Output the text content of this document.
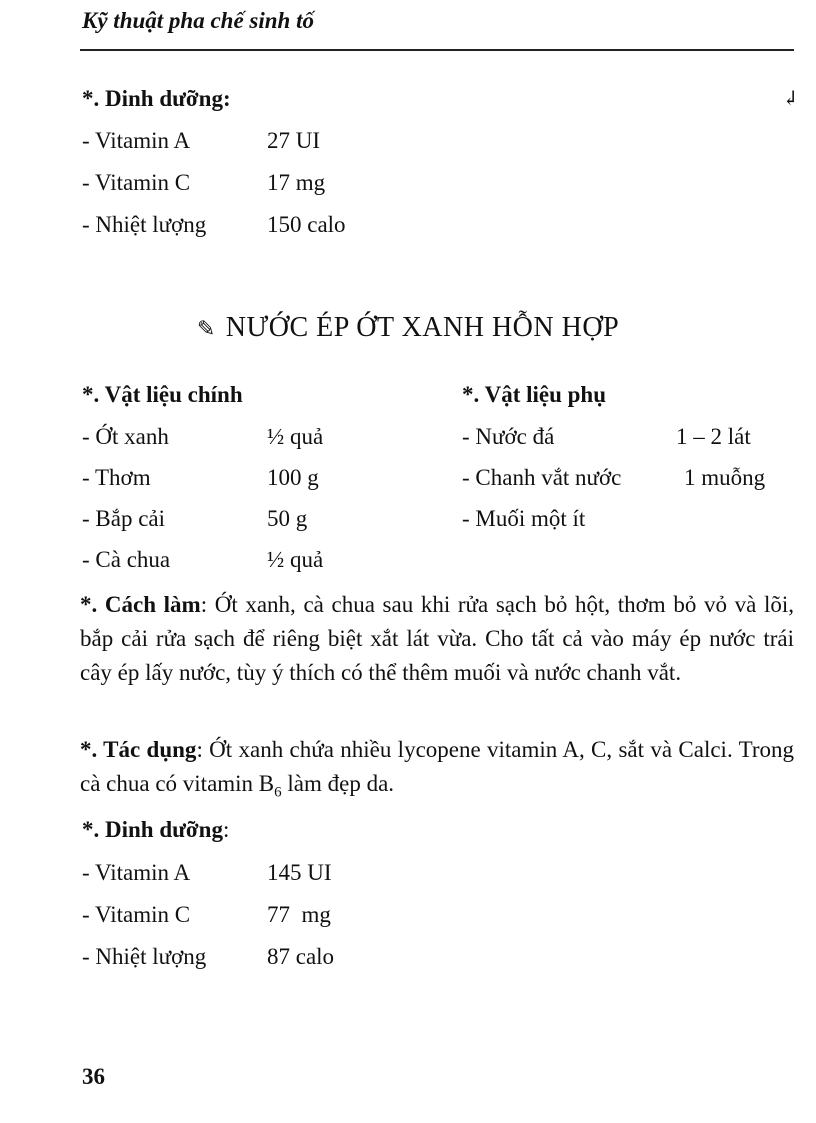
Kỹ thuật pha chế sinh tố
↲
*. Dinh dưỡng:
- Vitamin A	27 UI
- Vitamin C	17 mg
- Nhiệt lượng	150 calo
✎ NƯỚC ÉP ỚT XANH HỖN HỢP
*. Vật liệu chính
- Ớt xanh	½ quả
- Thơm	100 g
- Bắp cải	50 g
- Cà chua	½ quả
*. Vật liệu phụ
- Nước đá	1 – 2 lát
- Chanh vắt nước	1 muỗng
- Muối một ít
*. Cách làm: Ớt xanh, cà chua sau khi rửa sạch bỏ hột, thơm bỏ vỏ và lõi, bắp cải rửa sạch để riêng biệt xắt lát vừa. Cho tất cả vào máy ép nước trái cây ép lấy nước, tùy ý thích có thể thêm muối và nước chanh vắt.
*. Tác dụng: Ớt xanh chứa nhiều lycopene vitamin A, C, sắt và Calci. Trong cà chua có vitamin $B_6$ làm đẹp da.
*. Dinh dưỡng:
- Vitamin A	145 UI
- Vitamin C	77  mg
- Nhiệt lượng	87 calo
36
